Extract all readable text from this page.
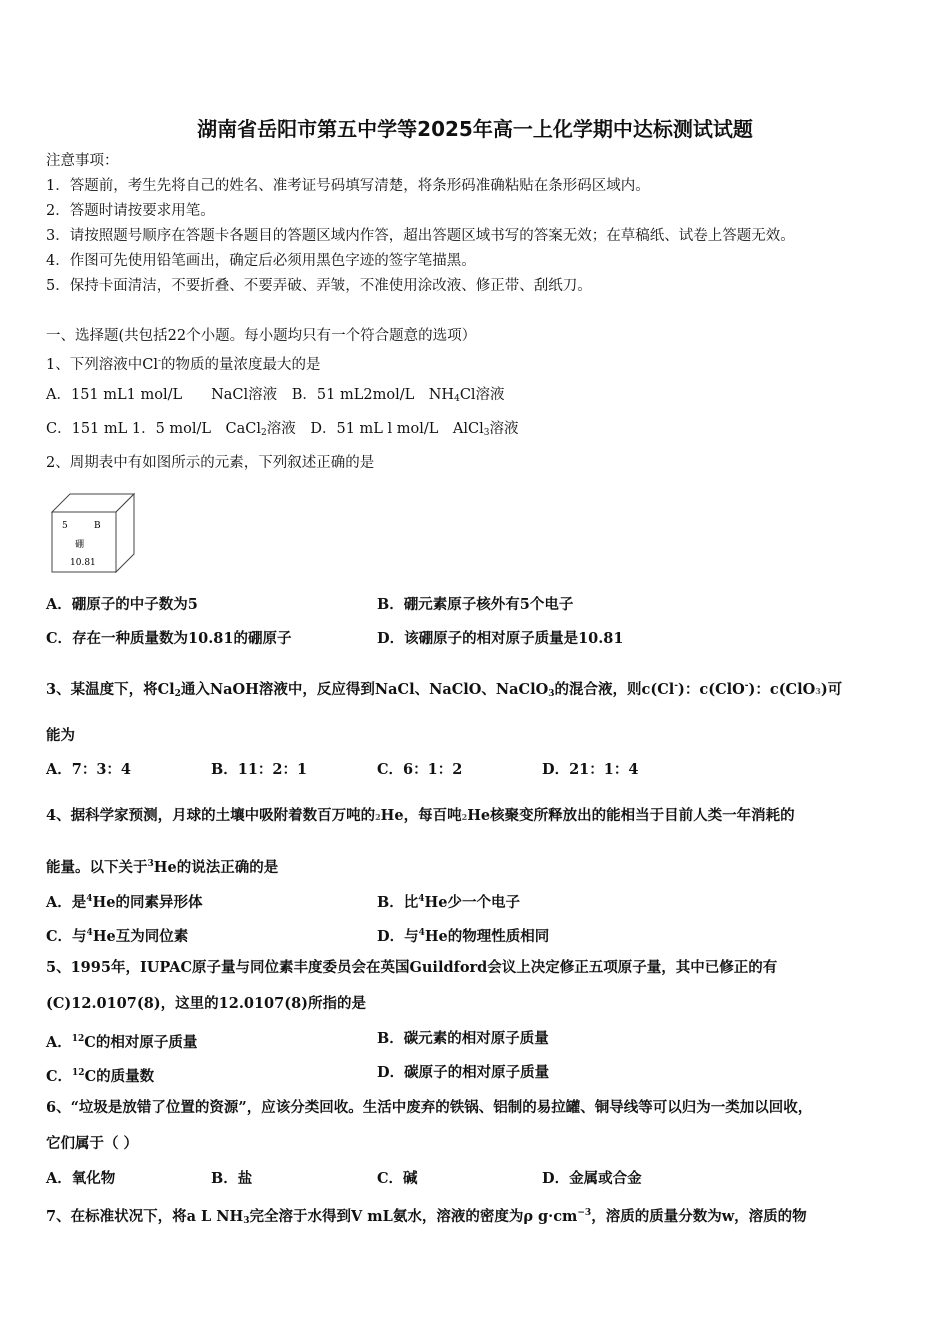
湖南省岳阳市第五中学等2025年高一上化学期中达标测试试题
注意事项：
1．答题前，考生先将自己的姓名、准考证号码填写清楚，将条形码准确粘贴在条形码区域内。
2．答题时请按要求用笔。
3．请按照题号顺序在答题卡各题目的答题区域内作答，超出答题区域书写的答案无效；在草稿纸、试卷上答题无效。
4．作图可先使用铅笔画出，确定后必须用黑色字迹的签字笔描黑。
5．保持卡面清洁，不要折叠、不要弄破、弄皱，不准使用涂改液、修正带、刮纸刀。
一、选择题(共包括22个小题。每小题均只有一个符合题意的选项）
1、下列溶液中Cl-的物质的量浓度最大的是
A．151 mL1 mol/L　　NaCl溶液 B．51 mL2mol/L　$NH_4Cl$溶液
C．151 mL 1．5 mol/L　CaCl$_2$溶液 D．51 mL l mol/L　AlCl$_3$溶液
2、周期表中有如图所示的元素，下列叙述正确的是
5	B
硼
10.81
A．硼原子的中子数为5	B．硼元素原子核外有5个电子
C．存在一种质量数为10.81的硼原子	D．该硼原子的相对原子质量是10.81
3、某温度下，将$Cl_2$通入NaOH溶液中，反应得到NaCl、NaClO、NaClO$_3$的混合液，则c(Cl-)：c(ClO-)：c(ClO3)可
能为
A．7：3：4	B．11：2：1	C．6：1：2	D．21：1：4
4、据科学家预测，月球的土壤中吸附着数百万吨的2He，每百吨2He核聚变所释放出的能相当于目前人类一年消耗的
能量。以下关于$^3$He的说法正确的是
A．是$^4$He的同素异形体	B．比$^4$He少一个电子
C．与$^4$He互为同位素	D．与$^4$He的物理性质相同
5、1995年，IUPAC原子量与同位素丰度委员会在英国Guildford会议上决定修正五项原子量，其中已修正的有
(C)12.0107(8)，这里的12.0107(8)所指的是
A．$^{12}$C的相对原子质量	B．碳元素的相对原子质量
C．$^{12}$C的质量数	D．碳原子的相对原子质量
6、“垃圾是放错了位置的资源”，应该分类回收。生活中废弃的铁锅、铝制的易拉罐、铜导线等可以归为一类加以回收，
它们属于（ ）
A．氧化物	B．盐	C．碱	D．金属或合金
7、在标准状况下，将a L $NH_3$完全溶于水得到V mL氨水，溶液的密度为ρ $g\cdot cm^{-3}$，溶质的质量分数为w，溶质的物
